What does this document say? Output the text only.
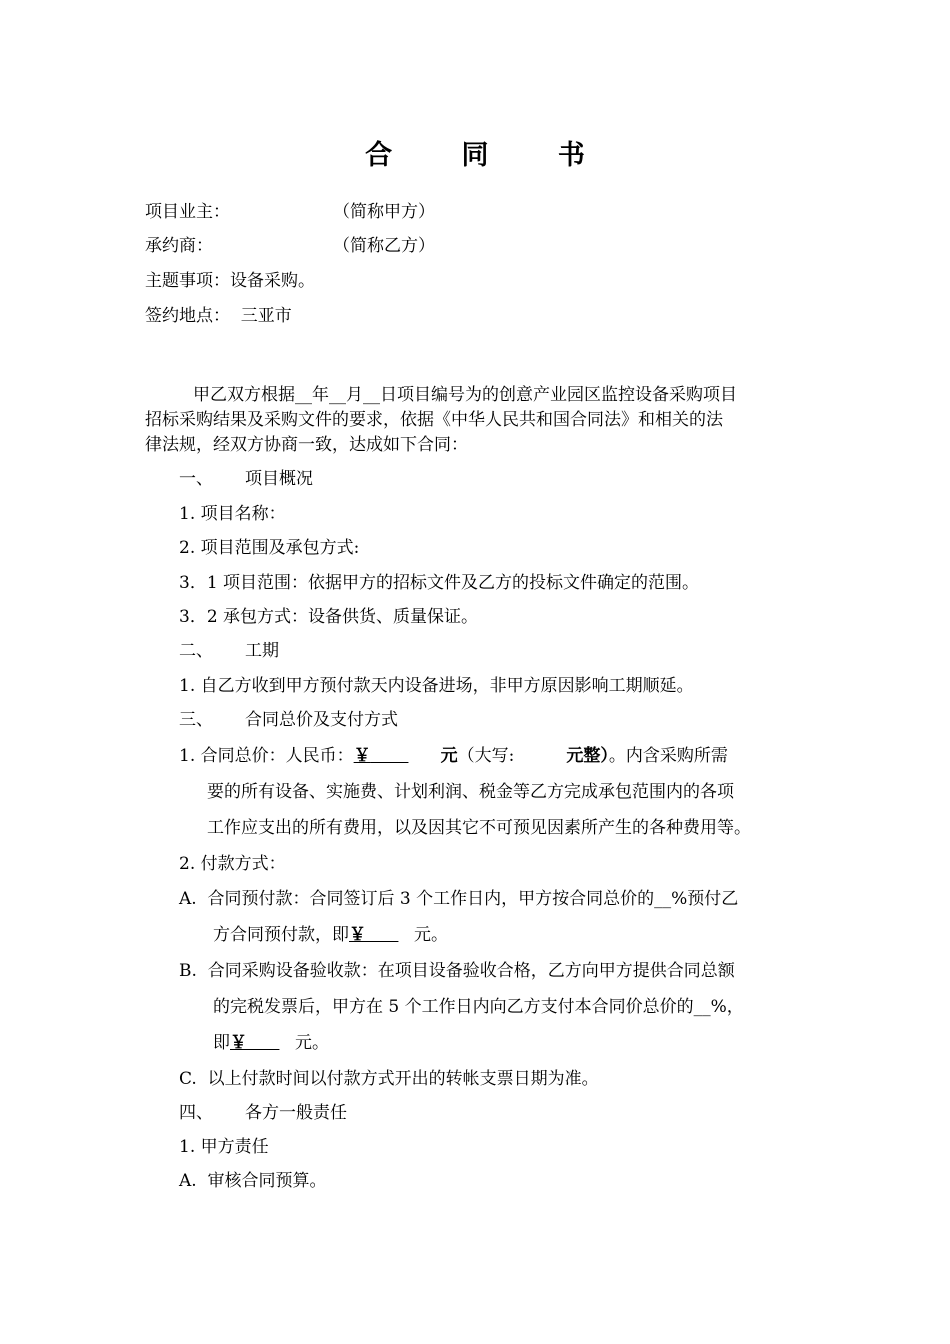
合 同 书
项目业主：	（简称甲方）
承约商：	（简称乙方）
主题事项：设备采购。
签约地点：  三亚市
甲乙双方根据__年__月__日项目编号为的创意产业园区监控设备采购项目
招标采购结果及采购文件的要求，依据《中华人民共和国合同法》和相关的法
律法规，经双方协商一致，达成如下合同：
一、 项目概况
1. 项目名称：
2. 项目范围及承包方式:
3．1 项目范围：依据甲方的招标文件及乙方的投标文件确定的范围。
3．2 承包方式：设备供货、质量保证。
二、 工期
1. 自乙方收到甲方预付款天内设备进场，非甲方原因影响工期顺延。
三、 合同总价及支付方式
1. 合同总价：人民币：￥	元（大写:	元整）。内含采购所需
要的所有设备、实施费、计划利润、税金等乙方完成承包范围内的各项
工作应支出的所有费用，以及因其它不可预见因素所产生的各种费用等。
2. 付款方式：
A.  合同预付款：合同签订后 3 个工作日内，甲方按合同总价的__%预付乙
方合同预付款，即￥	元。
B.  合同采购设备验收款：在项目设备验收合格，乙方向甲方提供合同总额
的完税发票后，甲方在 5 个工作日内向乙方支付本合同价总价的__%，
即￥	元。
C.  以上付款时间以付款方式开出的转帐支票日期为准。
四、 各方一般责任
1. 甲方责任
A.  审核合同预算。
